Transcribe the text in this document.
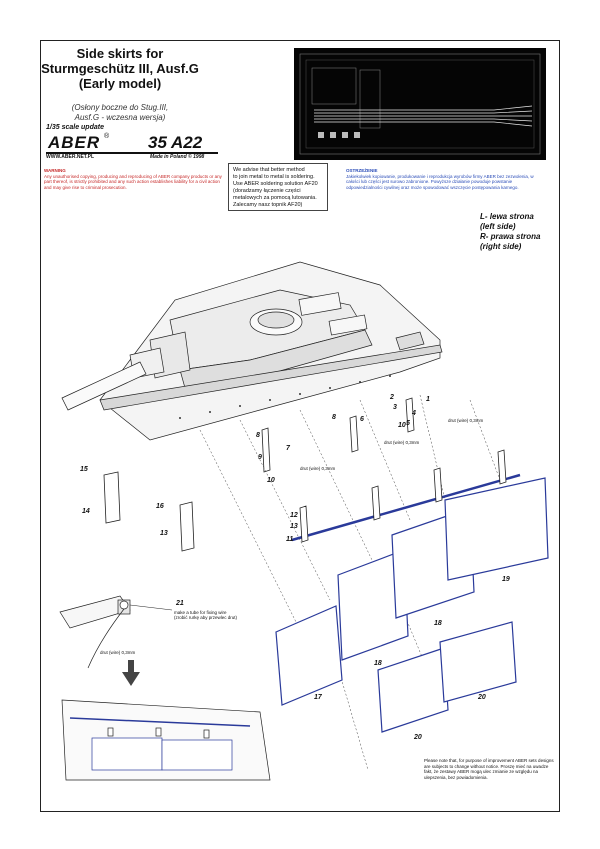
Side skirts for
Sturmgeschütz III, Ausf.G
(Early model)
(Osłony boczne do Stug.III,
Ausf.G - wczesna wersja)
1/35 scale update
ABER ® 35 A22
WWW.ABER.NET.PL	Made in Poland © 1998
WARNING
Any unauthorised copying, producing and reproducing of ABER company products or any part thereof, is strictly prohibited and any such action establishes liability for a civil action and may give rise to criminal prosecution.
We advise that better method
to join metal to metal is soldering.
Use ABER soldering solution AF20
(doradzamy łączenie części
metalowych za pomocą lutowania.
Zalecamy nasz topnik AF20)
OSTRZEŻENIE
Jakiekolwiek kopiowanie, produkowanie i reprodukcja wyrobów firmy ABER bez zezwolenia, w całości lub części jest surowo zabronione. Powyższe działanie powoduje powstanie odpowiedzialności cywilnej oraz może spowodować wszczęcie postępowania karnego.
L- lewa strona
(left side)
R- prawa strona
(right side)
15
14
16
13
2
3
1
4
5
10
8	6
8
7
9
10
12
13
11
17
18
18
19
20
20
21
drut (wire) 0,3mm
drut (wire) 0,3mm
drut (wire) 0,3mm
drut (wire) 0,3mm
make a tube for fixing wire
(zrobić rurkę aby przewlec drut)
Please note that, for purpose of improvement ABER sets designs are subjects to change without notice. Proszę mieć na uwadze fakt, że zestawy ABER mogą ulec zmianie ze względu na ulepszenia, bez powiadomienia.
